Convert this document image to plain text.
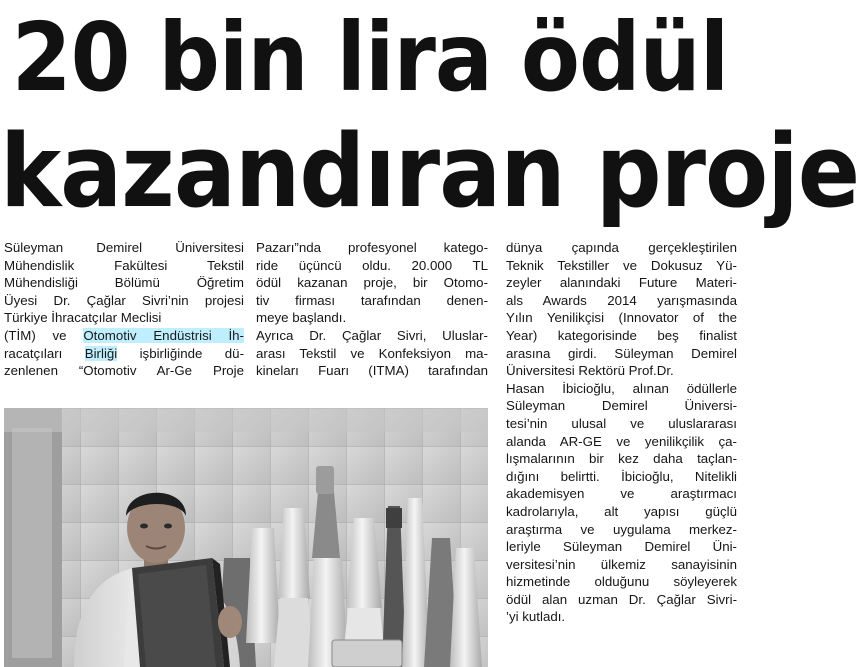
20 bin lira ödül
kazandıran proje
Süleyman Demirel Üniversitesi
Mühendislik Fakültesi Tekstil
Mühendisliği Bölümü Öğretim
Üyesi Dr. Çağlar Sivri’nin projesi
Türkiye İhracatçılar Meclisi
(TİM) ve Otomotiv Endüstrisi İh-
racatçıları Birliği işbirliğinde dü-
zenlenen “Otomotiv Ar-Ge Proje
Pazarı”nda profesyonel katego-
ride üçüncü oldu. 20.000 TL
ödül kazanan proje, bir Otomo-
tiv firması tarafından denen-
meye başlandı.
Ayrıca Dr. Çağlar Sivri, Uluslar-
arası Tekstil ve Konfeksiyon ma-
kineları Fuarı (ITMA) tarafından
dünya çapında gerçekleştirilen
Teknik Tekstiller ve Dokusuz Yü-
zeyler alanındaki Future Materi-
als Awards 2014 yarışmasında
Yılın Yenilikçisi (Innovator of the
Year) kategorisinde beş finalist
arasına girdi. Süleyman Demirel
Üniversitesi Rektörü Prof.Dr.
Hasan İbicioğlu, alınan ödüllerle
Süleyman Demirel Üniversi-
tesi’nin ulusal ve uluslararası
alanda AR-GE ve yenilikçilik ça-
lışmalarının bir kez daha taçlan-
dığını belirtti. İbicioğlu, Nitelikli
akademisyen ve araştırmacı
kadrolarıyla, alt yapısı güçlü
araştırma ve uygulama merkez-
leriyle Süleyman Demirel Üni-
versitesi’nin ülkemiz sanayisinin
hizmetinde olduğunu söyleyerek
ödül alan uzman Dr. Çağlar Sivri-
’yi kutladı.
